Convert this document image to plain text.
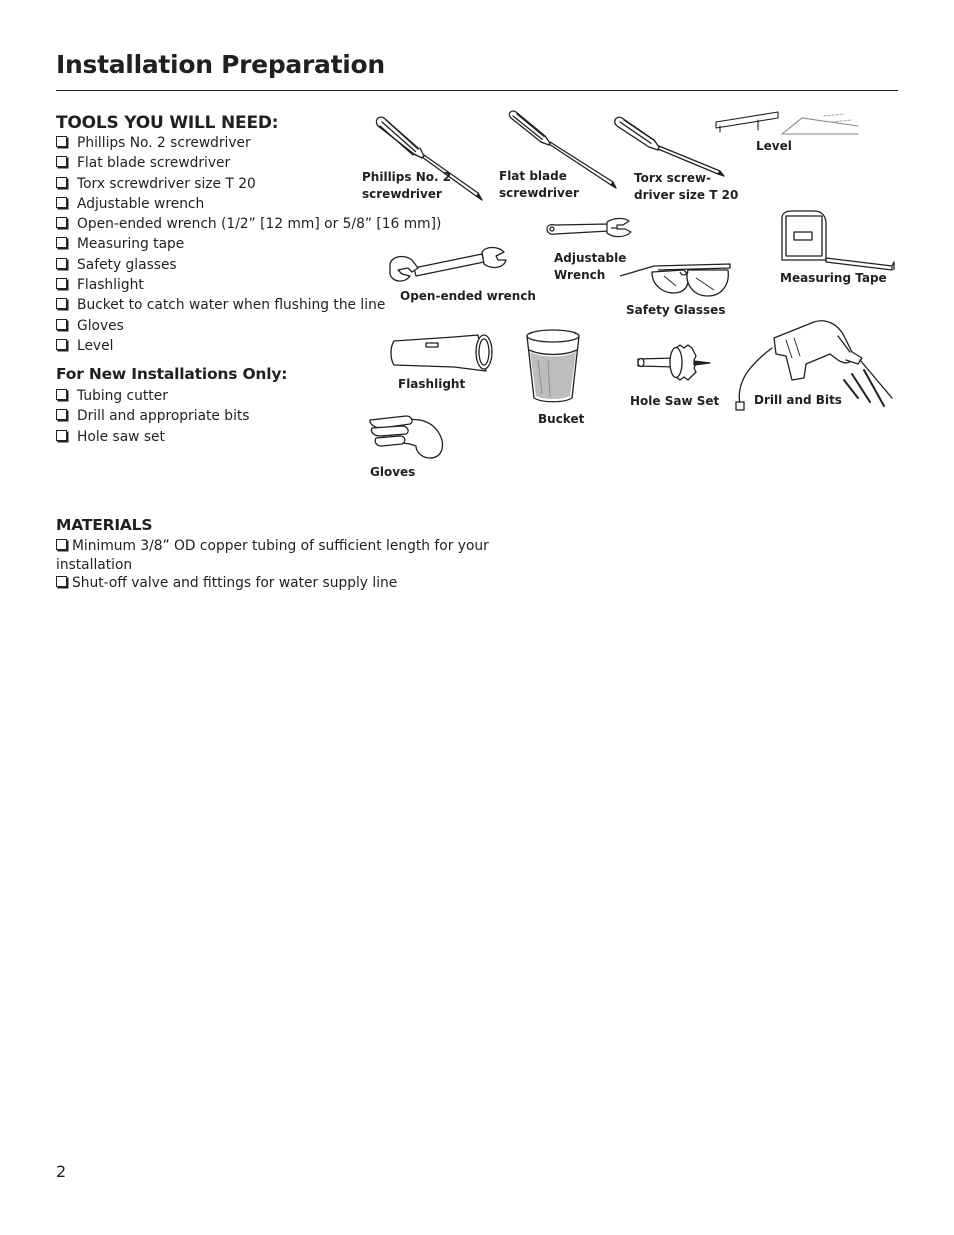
Installation Preparation
TOOLS YOU WILL NEED:
Phillips No. 2 screwdriver
Flat blade screwdriver
Torx screwdriver size T 20
Adjustable wrench
Open-ended wrench (1/2” [12 mm] or 5/8” [16 mm])
Measuring tape
Safety glasses
Flashlight
Bucket to catch water when flushing the line
Gloves
Level
For New Installations Only:
Tubing cutter
Drill and appropriate bits
Hole saw set
MATERIALS
Minimum 3/8” OD copper tubing of sufficient length for your installation
Shut-off valve and fittings for water supply line
Phillips No. 2
screwdriver
Flat blade
screwdriver
Torx screw-
driver size T 20
Level
Adjustable
Wrench	Measuring Tape
Open-ended wrench
Safety Glasses
Flashlight
Bucket
Hole Saw Set	Drill and Bits
Gloves
2
